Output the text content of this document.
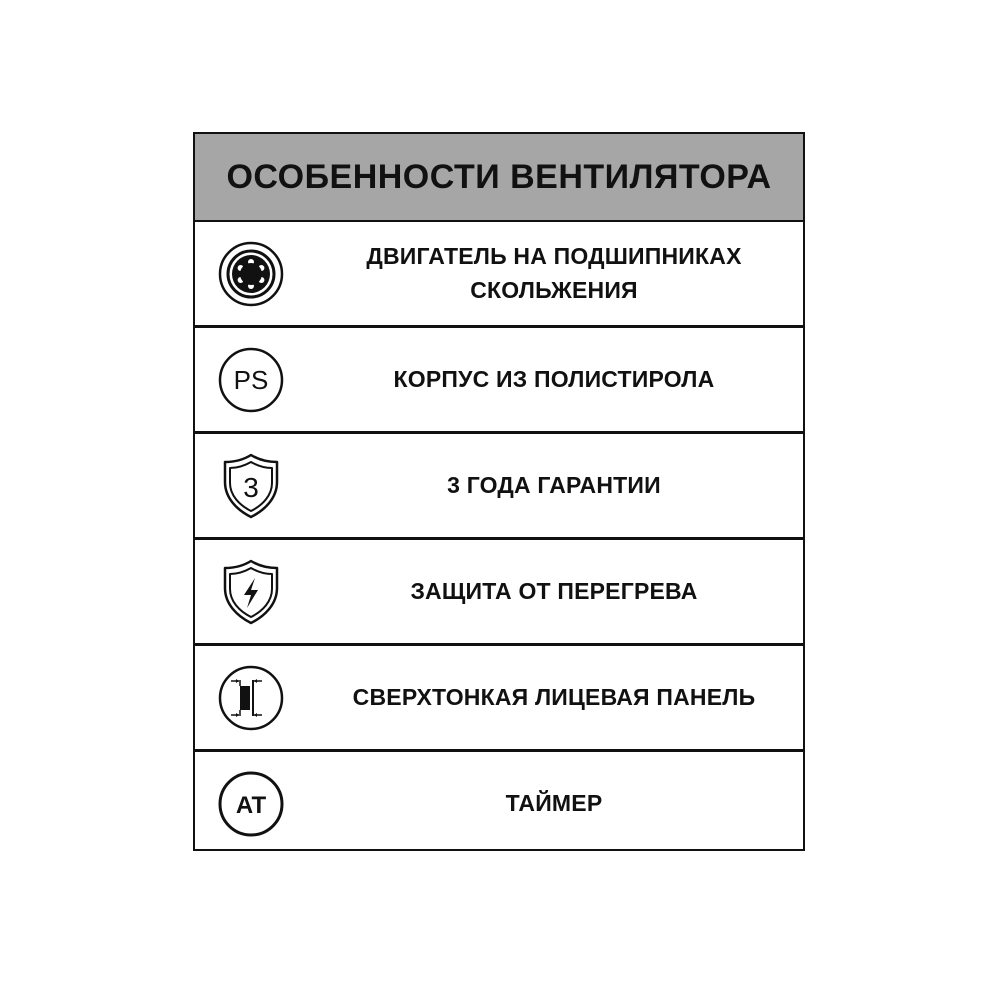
ОСОБЕННОСТИ ВЕНТИЛЯТОРА
ДВИГАТЕЛЬ НА ПОДШИПНИКАХ
СКОЛЬЖЕНИЯ
PS	КОРПУС ИЗ ПОЛИСТИРОЛА
3	3 ГОДА ГАРАНТИИ
ЗАЩИТА ОТ ПЕРЕГРЕВА
СВЕРХТОНКАЯ ЛИЦЕВАЯ ПАНЕЛЬ
AT	ТАЙМЕР
